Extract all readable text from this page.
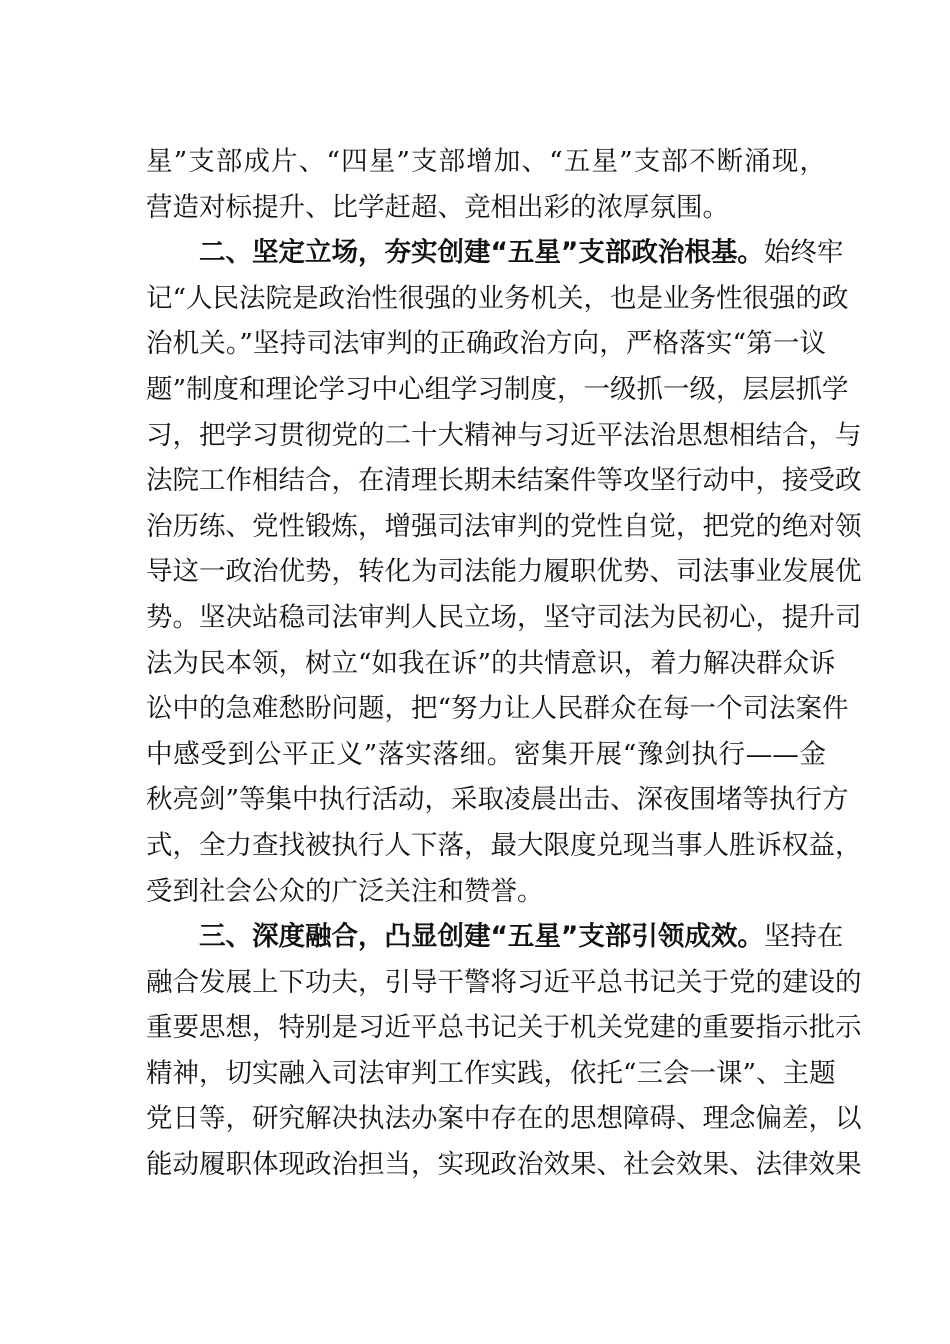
星”支部成片、“四星”支部增加、“五星”支部不断涌现，
营造对标提升、比学赶超、竞相出彩的浓厚氛围。
　　二、坚定立场，夯实创建“五星”支部政治根基。始终牢
记“人民法院是政治性很强的业务机关，也是业务性很强的政
治机关。”坚持司法审判的正确政治方向，严格落实“第一议
题”制度和理论学习中心组学习制度，一级抓一级，层层抓学
习，把学习贯彻党的二十大精神与习近平法治思想相结合，与
法院工作相结合，在清理长期未结案件等攻坚行动中，接受政
治历练、党性锻炼，增强司法审判的党性自觉，把党的绝对领
导这一政治优势，转化为司法能力履职优势、司法事业发展优
势。坚决站稳司法审判人民立场，坚守司法为民初心，提升司
法为民本领，树立“如我在诉”的共情意识，着力解决群众诉
讼中的急难愁盼问题，把“努力让人民群众在每一个司法案件
中感受到公平正义”落实落细。密集开展“豫剑执行——金
秋亮剑”等集中执行活动，采取凌晨出击、深夜围堵等执行方
式，全力查找被执行人下落，最大限度兑现当事人胜诉权益，
受到社会公众的广泛关注和赞誉。
　　三、深度融合，凸显创建“五星”支部引领成效。坚持在
融合发展上下功夫，引导干警将习近平总书记关于党的建设的
重要思想，特别是习近平总书记关于机关党建的重要指示批示
精神，切实融入司法审判工作实践，依托“三会一课”、主题
党日等，研究解决执法办案中存在的思想障碍、理念偏差，以
能动履职体现政治担当，实现政治效果、社会效果、法律效果
